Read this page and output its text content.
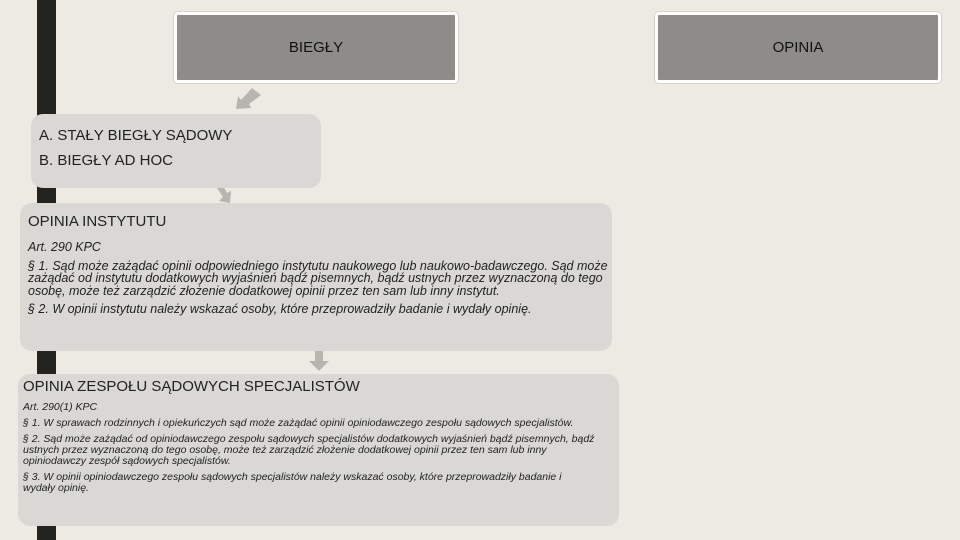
BIEGŁY	OPINIA

A. STAŁY BIEGŁY SĄDOWY

B. BIEGŁY AD HOC

OPINIA INSTYTUTU

Art. 290 KPC

§ 1. Sąd może zażądać opinii odpowiedniego instytutu naukowego lub naukowo-badawczego. Sąd może zażądać od instytutu dodatkowych wyjaśnień bądź pisemnych, bądź ustnych przez wyznaczoną do tego osobę, może też zarządzić złożenie dodatkowej opinii przez ten sam lub inny instytut.

§ 2. W opinii instytutu należy wskazać osoby, które przeprowadziły badanie i wydały opinię.

OPINIA ZESPOŁU SĄDOWYCH SPECJALISTÓW

Art. 290(1) KPC

§ 1. W sprawach rodzinnych i opiekuńczych sąd może zażądać opinii opiniodawczego zespołu sądowych specjalistów.

§ 2. Sąd może zażądać od opiniodawczego zespołu sądowych specjalistów dodatkowych wyjaśnień bądź pisemnych, bądź ustnych przez wyznaczoną do tego osobę, może też zarządzić złożenie dodatkowej opinii przez ten sam lub inny opiniodawczy zespół sądowych specjalistów.

§ 3. W opinii opiniodawczego zespołu sądowych specjalistów należy wskazać osoby, które przeprowadziły badanie i wydały opinię.
